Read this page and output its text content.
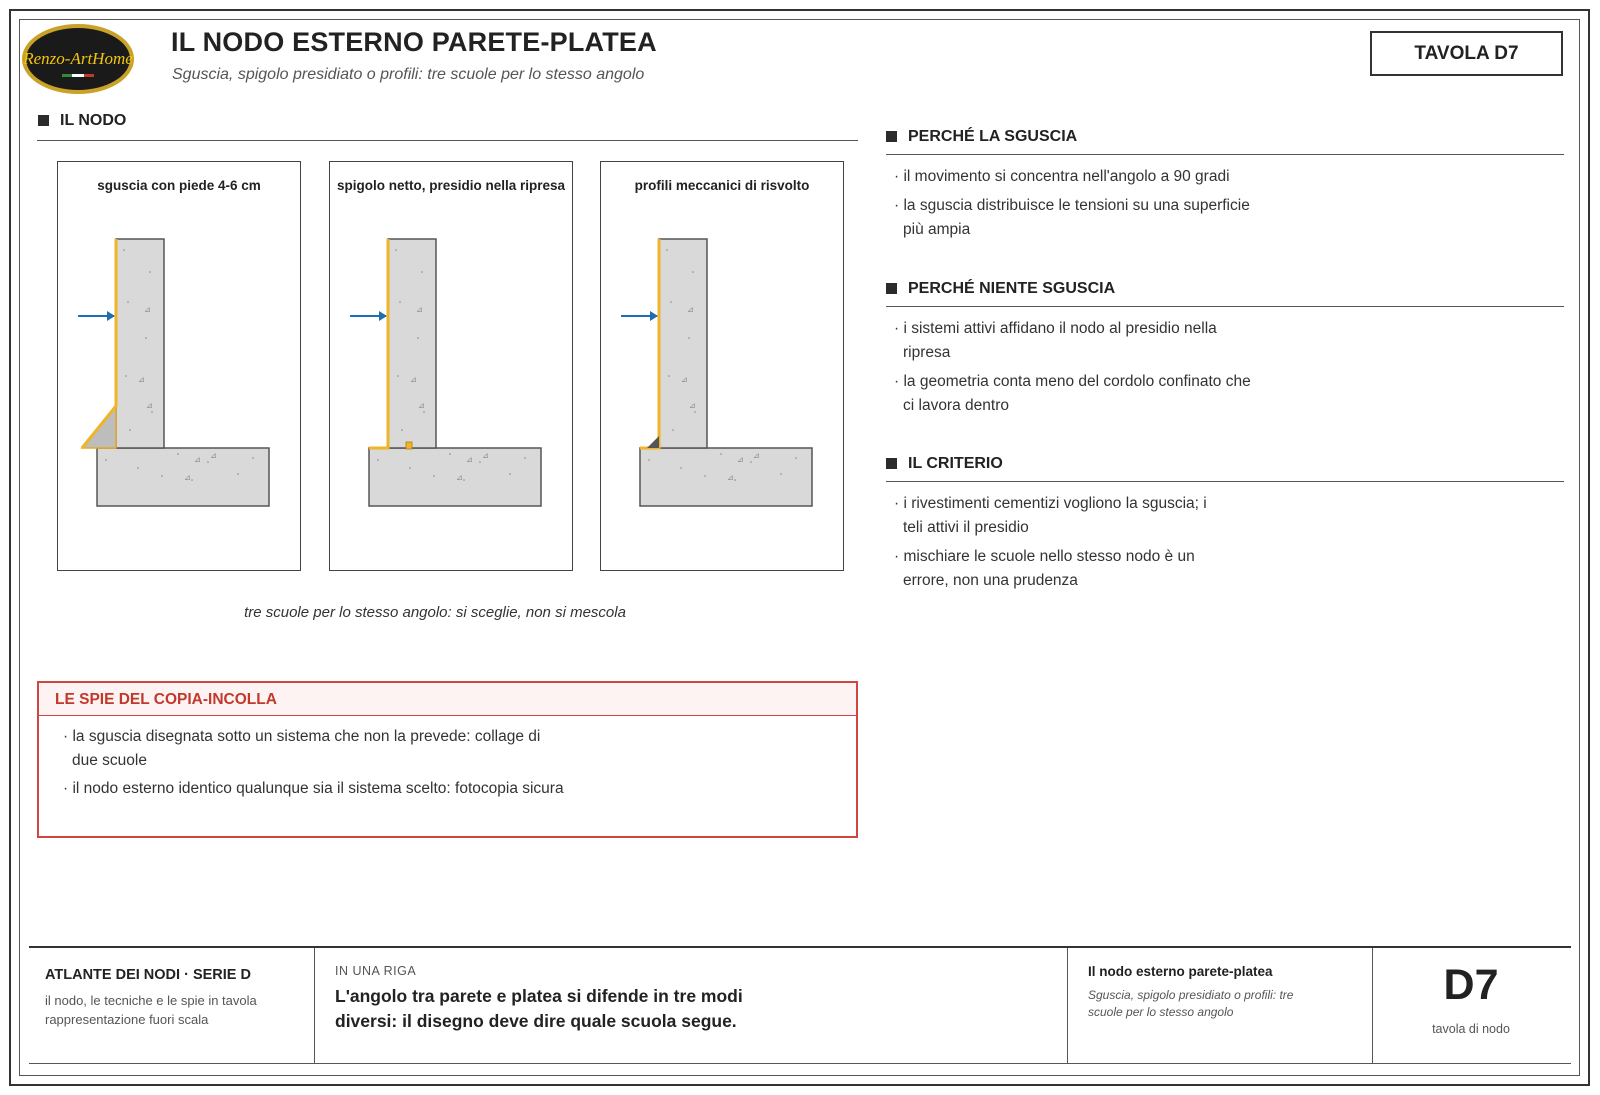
Renzo-ArtHome
IL NODO ESTERNO PARETE-PLATEA
Sguscia, spigolo presidiato o profili: tre scuole per lo stesso angolo
TAVOLA D7
IL NODO
sguscia con piede 4-6 cm
⊿
⊿
⊿
⊿ ⊿
⊿
spigolo netto, presidio nella ripresa
⊿
⊿
⊿
⊿ ⊿
⊿
profili meccanici di risvolto
⊿
⊿
⊿
⊿ ⊿
⊿
tre scuole per lo stesso angolo: si sceglie, non si mescola
PERCHÉ LA SGUSCIA

· il movimento si concentra nell'angolo a 90 gradi

· la sguscia distribuisce le tensioni su una superficie più ampia

PERCHÉ NIENTE SGUSCIA

· i sistemi attivi affidano il nodo al presidio nella ripresa

· la geometria conta meno del cordolo confinato che ci lavora dentro

IL CRITERIO

· i rivestimenti cementizi vogliono la sguscia; i teli attivi il presidio

· mischiare le scuole nello stesso nodo è un errore, non una prudenza

LE SPIE DEL COPIA-INCOLLA

· la sguscia disegnata sotto un sistema che non la prevede: collage di due scuole

· il nodo esterno identico qualunque sia il sistema scelto: fotocopia sicura

ATLANTE DEI NODI · SERIE D
il nodo, le tecniche e le spie in tavola
rappresentazione fuori scala
IN UNA RIGA
L'angolo tra parete e platea si difende in tre modi diversi: il disegno deve dire quale scuola segue.
Il nodo esterno parete-platea
Sguscia, spigolo presidiato o profili: tre scuole per lo stesso angolo
D7
tavola di nodo
